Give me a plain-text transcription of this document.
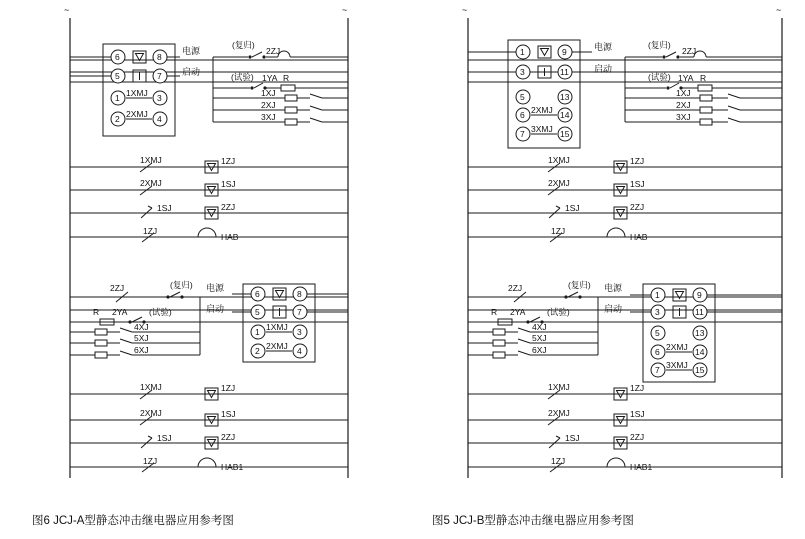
~	~
6
5
1
2
8
7
3
4
1XMJ
2XMJ
电源
启动
(复归)
2ZJ
(试验) 1YA R
1XJ
2XJ
3XJ
1XMJ	1ZJ
2XMJ	1SJ
1SJ	2ZJ
1ZJ
HAB
6
5
1
2
8
7
3
4
1XMJ
2XMJ
电源
启动
(复归)
2ZJ
(试验)
2YA
R
4XJ
5XJ
6XJ
1XMJ	1ZJ
2XMJ	1SJ
1SJ	2ZJ
1ZJ
HAB1
~	~
1
3
5
6
7
9
11
13
14
15
2XMJ
3XMJ
电源
启动
(复归)
2ZJ
(试验) 1YA R
1XJ
2XJ
3XJ
1XMJ	1ZJ
2XMJ	1SJ
1SJ	2ZJ
1ZJ
HAB
1
3
5
6
7
9
11
13
14
15
2XMJ
3XMJ
电源
启动
(复归)
2ZJ
(试验)
2YA
R
4XJ
5XJ
6XJ
1XMJ	1ZJ
2XMJ	1SJ
1SJ	2ZJ
1ZJ
HAB1
图6 JCJ-A型静态冲击继电器应用参考图	图5 JCJ-B型静态冲击继电器应用参考图
